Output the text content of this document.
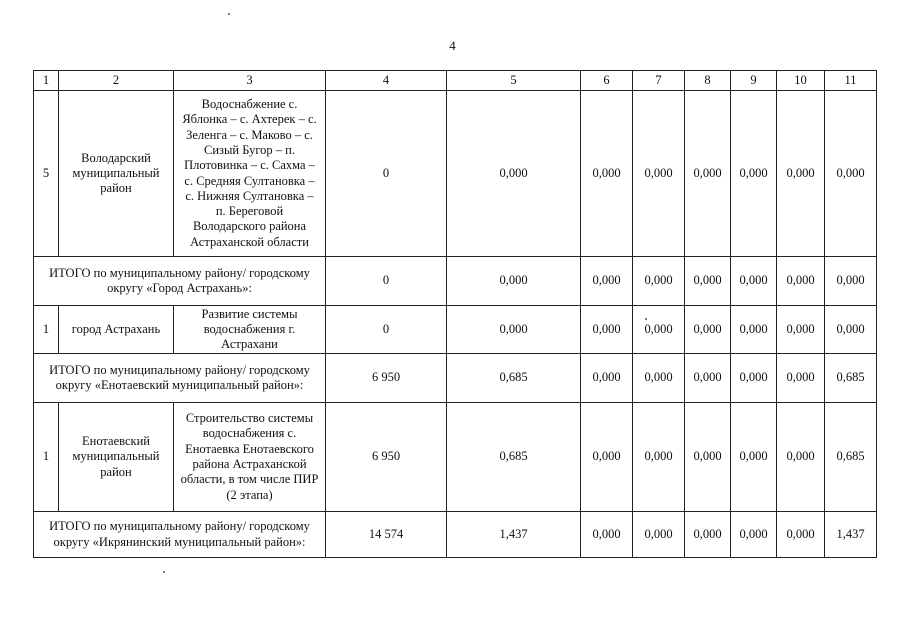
4
1	2	3	4	5	6	7	8	9	10	11
5	Володарский муниципальный район	Водоснабжение с. Яблонка – с. Ахтерек – с. Зеленга – с. Маково – с. Сизый Бугор – п. Плотовинка – с. Сахма – с. Средняя Султановка – с. Нижняя Султановка – п. Береговой Володарского района Астраханской области	0	0,000	0,000	0,000	0,000	0,000	0,000	0,000
ИТОГО по муниципальному району/ городскому округу «Город Астрахань»:			0	0,000	0,000	0,000	0,000	0,000	0,000	0,000
1	город Астрахань	Развитие системы водоснабжения г. Астрахани	0	0,000	0,000	0,000	0,000	0,000	0,000	0,000
ИТОГО по муниципальному району/ городскому округу «Енотаевский муниципальный район»:			6 950	0,685	0,000	0,000	0,000	0,000	0,000	0,685
1	Енотаевский муниципальный район	Строительство системы водоснабжения с. Енотаевка Енотаевского района Астраханской области, в том числе ПИР (2 этапа)	6 950	0,685	0,000	0,000	0,000	0,000	0,000	0,685
ИТОГО по муниципальному району/ городскому округу «Икрянинский муниципальный район»:			14 574	1,437	0,000	0,000	0,000	0,000	0,000	1,437
